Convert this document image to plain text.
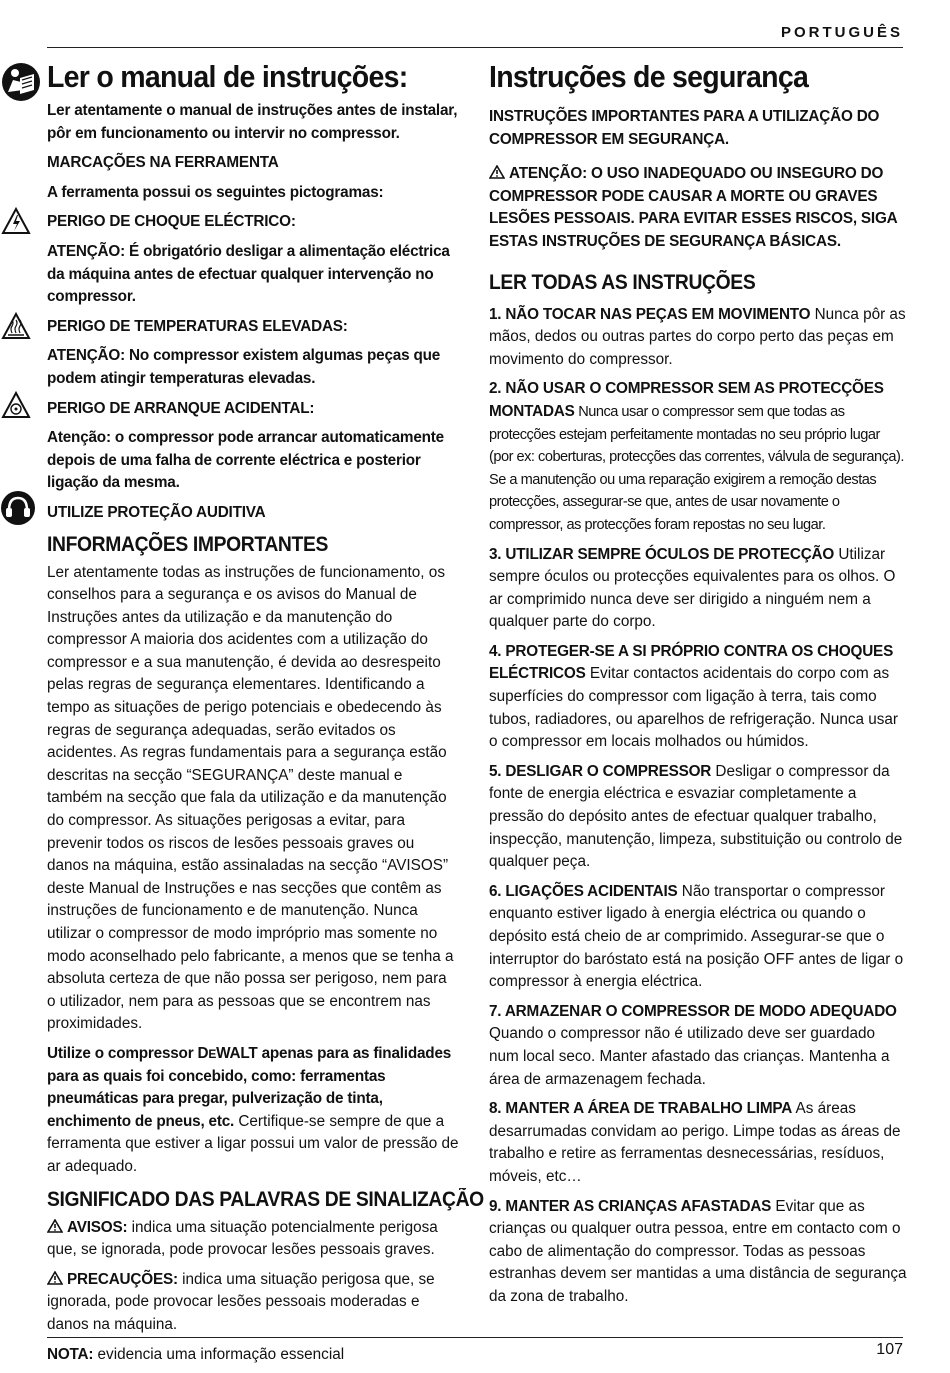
PORTUGUÊS
Ler o manual de instruções:

Ler atentamente o manual de instruções antes de instalar, pôr em funcionamento ou intervir no compressor.

MARCAÇÕES NA FERRAMENTA

A ferramenta possui os seguintes pictogramas:

PERIGO DE CHOQUE ELÉCTRICO:

ATENÇÃO: É obrigatório desligar a alimentação eléctrica da máquina antes de efectuar qualquer intervenção no compressor.

PERIGO DE TEMPERATURAS ELEVADAS:

ATENÇÃO: No compressor existem algumas peças que podem atingir temperaturas elevadas.

PERIGO DE ARRANQUE ACIDENTAL:

Atenção: o compressor pode arrancar automaticamente depois de uma falha de corrente eléctrica e posterior ligação da mesma.

UTILIZE PROTEÇÃO AUDITIVA

INFORMAÇÕES IMPORTANTES

Ler atentamente todas as instruções de funcionamento, os conselhos para a segurança e os avisos do Manual de Instruções antes da utilização e da manutenção do compressor A maioria dos acidentes com a utilização do compressor e a sua manutenção, é devida ao desrespeito pelas regras de segurança elementares. Identificando a tempo as situações de perigo potenciais e obedecendo às regras de segurança adequadas, serão evitados os acidentes. As regras fundamentais para a segurança estão descritas na secção “SEGURANÇA” deste manual e também na secção que fala da utilização e da manutenção do compressor. As situações perigosas a evitar, para prevenir todos os riscos de lesões pessoais graves ou danos na máquina, estão assinaladas na secção “AVISOS” deste Manual de Instruções e nas secções que contêm as instruções de funcionamento e de manutenção. Nunca utilizar o compressor de modo impróprio mas somente no modo aconselhado pelo fabricante, a menos que se tenha a absoluta certeza de que não possa ser perigoso, nem para o utilizador, nem para as pessoas que se encontrem nas proximidades.

Utilize o compressor DEWALT apenas para as finalidades para as quais foi concebido, como: ferramentas pneumáticas para pregar, pulverização de tinta, enchimento de pneus, etc. Certifique-se sempre de que a ferramenta que estiver a ligar possui um valor de pressão de ar adequado.

SIGNIFICADO DAS PALAVRAS DE SINALIZAÇÃO

AVISOS: indica uma situação potencialmente perigosa que, se ignorada, pode provocar lesões pessoais graves.

PRECAUÇÕES: indica uma situação perigosa que, se ignorada, pode provocar lesões pessoais moderadas e danos na máquina.

NOTA: evidencia uma informação essencial

Instruções de segurança

INSTRUÇÕES IMPORTANTES PARA A UTILIZAÇÃO DO COMPRESSOR EM SEGURANÇA.

ATENÇÃO: O USO INADEQUADO OU INSEGURO DO COMPRESSOR PODE CAUSAR A MORTE OU GRAVES LESÕES PESSOAIS. PARA EVITAR ESSES RISCOS, SIGA ESTAS INSTRUÇÕES DE SEGURANÇA BÁSICAS.

LER TODAS AS INSTRUÇÕES

1. NÃO TOCAR NAS PEÇAS EM MOVIMENTO Nunca pôr as mãos, dedos ou outras partes do corpo perto das peças em movimento do compressor.

2. NÃO USAR O COMPRESSOR SEM AS PROTECÇÕES MONTADAS Nunca usar o compressor sem que todas as protecções estejam perfeitamente montadas no seu próprio lugar (por ex: coberturas, protecções das correntes, válvula de segurança). Se a manutenção ou uma reparação exigirem a remoção destas protecções, assegurar-se que, antes de usar novamente o compressor, as protecções foram repostas no seu lugar.

3. UTILIZAR SEMPRE ÓCULOS DE PROTECÇÃO Utilizar sempre óculos ou protecções equivalentes para os olhos. O ar comprimido nunca deve ser dirigido a ninguém nem a qualquer parte do corpo.

4. PROTEGER-SE A SI PRÓPRIO CONTRA OS CHOQUES ELÉCTRICOS Evitar contactos acidentais do corpo com as superfícies do compressor com ligação à terra, tais como tubos, radiadores, ou aparelhos de refrigeração. Nunca usar o compressor em locais molhados ou húmidos.

5. DESLIGAR O COMPRESSOR Desligar o compressor da fonte de energia eléctrica e esvaziar completamente a pressão do depósito antes de efectuar qualquer trabalho, inspecção, manutenção, limpeza, substituição ou controlo de qualquer peça.

6. LIGAÇÕES ACIDENTAIS Não transportar o compressor enquanto estiver ligado à energia eléctrica ou quando o depósito está cheio de ar comprimido. Assegurar-se que o interruptor do baróstato está na posição OFF antes de ligar o compressor à energia eléctrica.

7. ARMAZENAR O COMPRESSOR DE MODO ADEQUADO Quando o compressor não é utilizado deve ser guardado num local seco. Manter afastado das crianças. Mantenha a área de armazenagem fechada.

8. MANTER A ÁREA DE TRABALHO LIMPA As áreas desarrumadas convidam ao perigo. Limpe todas as áreas de trabalho e retire as ferramentas desnecessárias, resíduos, móveis, etc…

9. MANTER AS CRIANÇAS AFASTADAS Evitar que as crianças ou qualquer outra pessoa, entre em contacto com o cabo de alimentação do compressor. Todas as pessoas estranhas devem ser mantidas a uma distância de segurança da zona de trabalho.

107
